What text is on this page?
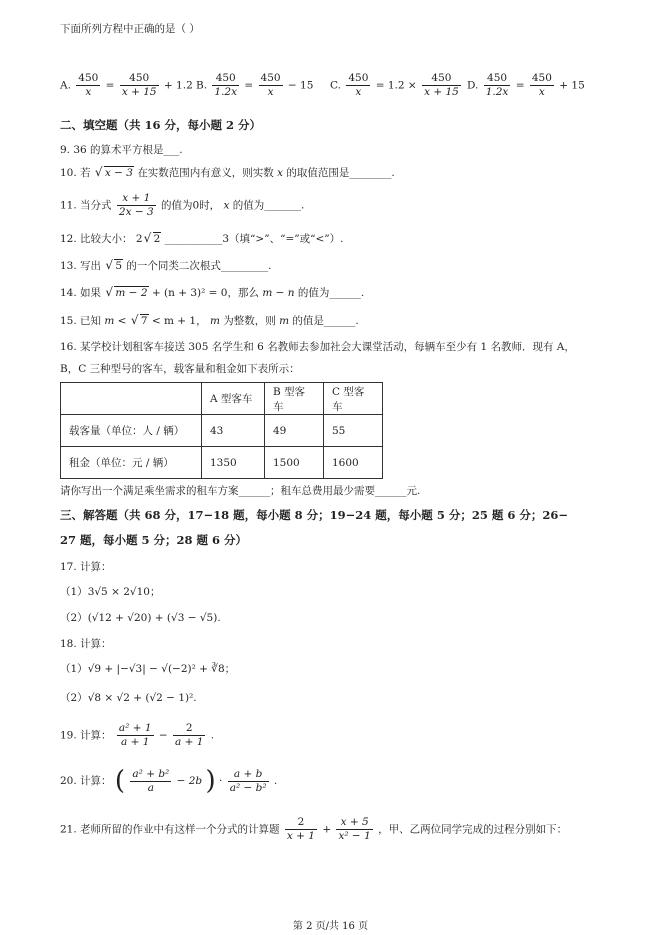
下面所列方程中正确的是（ ）
A. $\frac{450}{x} = \frac{450}{x + 15} + 1.2$ B. $\frac{450}{1.2x} = \frac{450}{x} - 15$ C. $\frac{450}{x} = 1.2 \times \frac{450}{x + 15} D$. $\frac{450}{1.2x} = \frac{450}{x} + 15$
二、填空题（共 16 分，每小题 2 分）
9. 36 的算术平方根是___.
10. 若 √ x − 3 在实数范围内有意义，则实数 x 的取值范围是________.
11. 当分式 $\frac{x + 1}{2x - 3}$ 的值为0时， x 的值为_______.
12. 比较大小： 2 √ 2 ___________3（填“>”、“=”或“<”）.
13. 写出 √ 5 的一个同类二次根式_________.
14. 如果 √ m − 2 + (n + 3)² = 0，那么 m − n 的值为______.
15. 已知 m < √ 7 < m + 1， m 为整数，则 m 的值是______.
16. 某学校计划租客车接送 305 名学生和 6 名教师去参加社会大课堂活动，每辆车至少有 1 名教师．现有 A，
B，C 三种型号的客车，载客量和租金如下表所示：
	A 型客车	B 型客车	C 型客车
载客量（单位：人 / 辆）	43	49	55
租金（单位：元 / 辆）	1350	1500	1600
请你写出一个满足乘坐需求的租车方案______；租车总费用最少需要______元.
三、解答题（共 68 分，17−18 题，每小题 8 分；19−24 题，每小题 5 分；25 题 6 分；26−
27 题，每小题 5 分；28 题 6 分）
17. 计算：
（1）3√5 × 2√10；
（2）(√12 + √20) + (√3 − √5).
18. 计算：
（1）√9 + |−√3| − √(−2)² + ∛8；
（2）√8 × √2 + (√2 − 1)².
19. 计算： $\frac{\text{a² + 1}}{a + 1} - \frac{2}{a + 1}$ .
20. 计算： ( $\frac{\text{a² + b²}}{a} - 2b$ ) · $\frac{a + b}{\text{a² − b²}}$ .
21. 老师所留的作业中有这样一个分式的计算题 $\frac{2}{x + 1} + \frac{x + 5}{\text{x² − 1}}$ ，甲、乙两位同学完成的过程分别如下：
第 2 页/共 16 页
